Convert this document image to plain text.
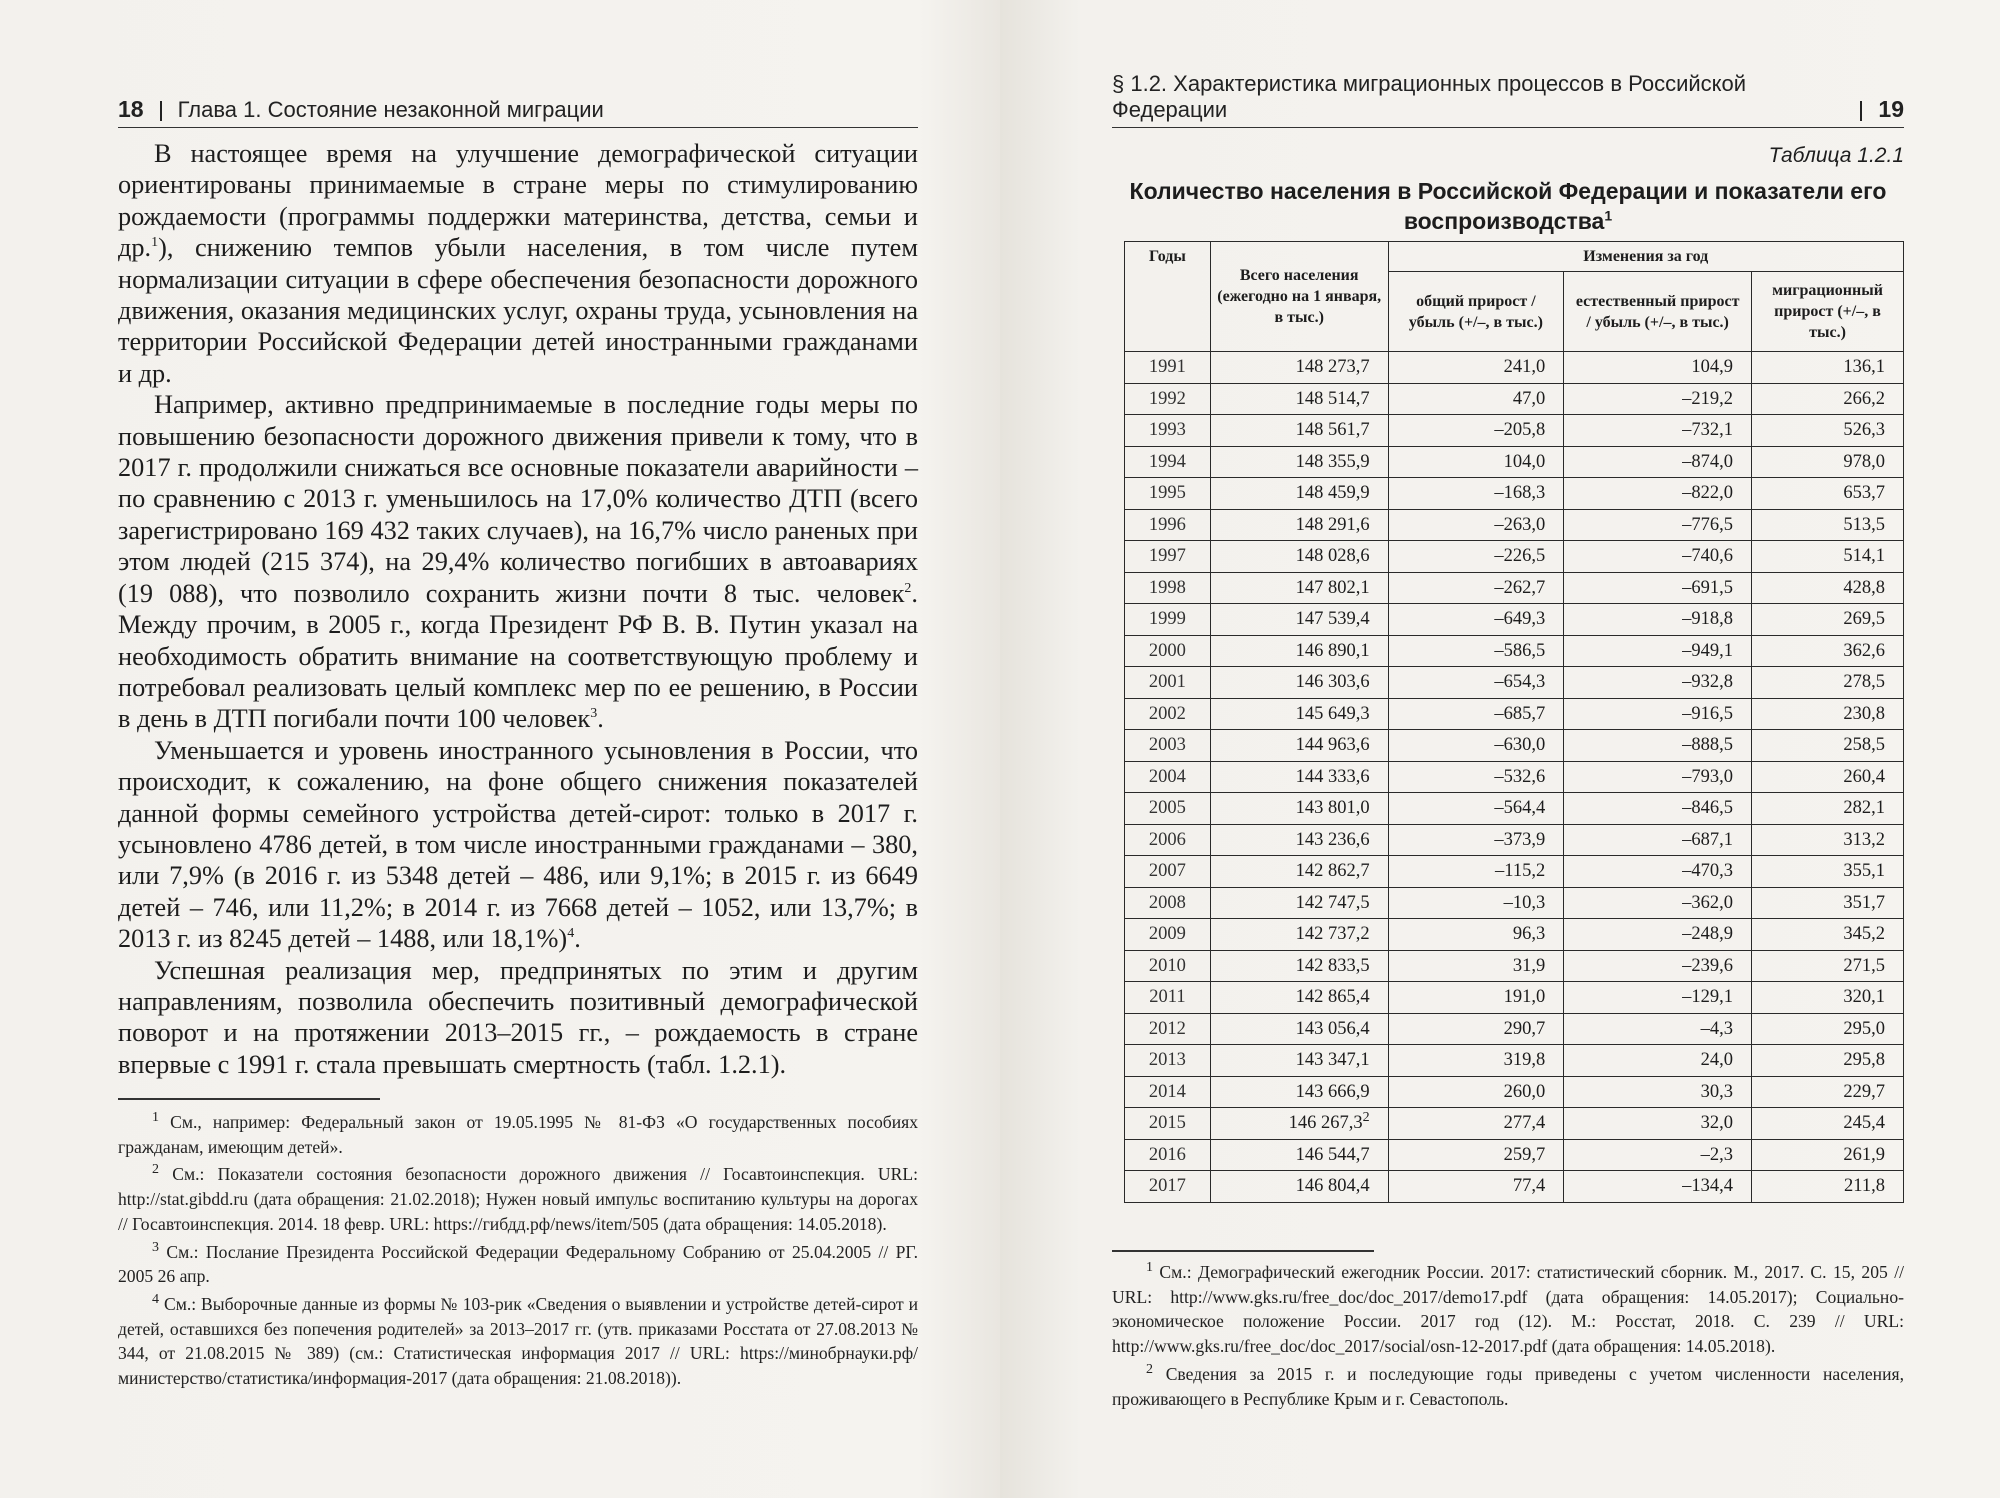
18 Глава 1. Состояние незаконной миграции

В настоящее время на улучшение демографической ситуации ориентированы принимаемые в стране меры по стимулированию рождаемости (программы поддержки материнства, детства, семьи и др.$^1$), снижению темпов убыли населения, в том числе путем нормализации ситуации в сфере обеспечения безопасности дорожного движения, оказания медицинских услуг, охраны труда, усыновления на территории Российской Федерации детей иностранными гражданами и др.

Например, активно предпринимаемые в последние годы меры по повышению безопасности дорожного движения привели к тому, что в 2017 г. продолжили снижаться все основные показатели аварийности – по сравнению с 2013 г. уменьшилось на 17,0% количество ДТП (всего зарегистрировано 169 432 таких случаев), на 16,7% число раненых при этом людей (215 374), на 29,4% количество погибших в автоавариях (19 088), что позволило сохранить жизни почти 8 тыс. человек$^2$. Между прочим, в 2005 г., когда Президент РФ В. В. Путин указал на необходимость обратить внимание на соответствующую проблему и потребовал реализовать целый комплекс мер по ее решению, в России в день в ДТП погибали почти 100 человек$^3$.

Уменьшается и уровень иностранного усыновления в России, что происходит, к сожалению, на фоне общего снижения показателей данной формы семейного устройства детей-сирот: только в 2017 г. усыновлено 4786 детей, в том числе иностранными гражданами – 380, или 7,9% (в 2016 г. из 5348 детей – 486, или 9,1%; в 2015 г. из 6649 детей – 746, или 11,2%; в 2014 г. из 7668 детей – 1052, или 13,7%; в 2013 г. из 8245 детей – 1488, или 18,1%)$^4$.

Успешная реализация мер, предпринятых по этим и другим направлениям, позволила обеспечить позитивный демографической поворот и на протяжении 2013–2015 гг., – рождаемость в стране впервые с 1991 г. стала превышать смертность (табл. 1.2.1).

$^1$ См., например: Федеральный закон от 19.05.1995 № 81-ФЗ «О государственных пособиях гражданам, имеющим детей».

$^2$ См.: Показатели состояния безопасности дорожного движения // Госавтоинспекция. URL: http://stat.gibdd.ru (дата обращения: 21.02.2018); Нужен новый импульс воспитанию культуры на дорогах // Госавтоинспекция. 2014. 18 февр. URL: https://гибдд.рф/news/item/505 (дата обращения: 14.05.2018).

$^3$ См.: Послание Президента Российской Федерации Федеральному Собранию от 25.04.2005 // РГ. 2005 26 апр.

$^4$ См.: Выборочные данные из формы № 103-рик «Сведения о выявлении и устройстве детей-сирот и детей, оставшихся без попечения родителей» за 2013–2017 гг. (утв. приказами Росстата от 27.08.2013 № 344, от 21.08.2015 № 389) (см.: Статистическая информация 2017 // URL: https://минобрнауки.рф/министерство/статистика/информация-2017 (дата обращения: 21.08.2018)).

§ 1.2. Характеристика миграционных процессов в Российской Федерации	19
Таблица 1.2.1
Количество населения в Российской Федерации и показатели его
воспроизводства$^1$
Годы	Всего населения (ежегодно на 1 января, в тыс.)	Изменения за год		
		общий прирост / убыль (+/–, в тыс.)	естественный прирост / убыль (+/–, в тыс.)	миграционный прирост (+/–, в тыс.)
1991	148 273,7	241,0	104,9	136,1
1992	148 514,7	47,0	–219,2	266,2
1993	148 561,7	–205,8	–732,1	526,3
1994	148 355,9	104,0	–874,0	978,0
1995	148 459,9	–168,3	–822,0	653,7
1996	148 291,6	–263,0	–776,5	513,5
1997	148 028,6	–226,5	–740,6	514,1
1998	147 802,1	–262,7	–691,5	428,8
1999	147 539,4	–649,3	–918,8	269,5
2000	146 890,1	–586,5	–949,1	362,6
2001	146 303,6	–654,3	–932,8	278,5
2002	145 649,3	–685,7	–916,5	230,8
2003	144 963,6	–630,0	–888,5	258,5
2004	144 333,6	–532,6	–793,0	260,4
2005	143 801,0	–564,4	–846,5	282,1
2006	143 236,6	–373,9	–687,1	313,2
2007	142 862,7	–115,2	–470,3	355,1
2008	142 747,5	–10,3	–362,0	351,7
2009	142 737,2	96,3	–248,9	345,2
2010	142 833,5	31,9	–239,6	271,5
2011	142 865,4	191,0	–129,1	320,1
2012	143 056,4	290,7	–4,3	295,0
2013	143 347,1	319,8	24,0	295,8
2014	143 666,9	260,0	30,3	229,7
2015	146 267,3$^2$	277,4	32,0	245,4
2016	146 544,7	259,7	–2,3	261,9
2017	146 804,4	77,4	–134,4	211,8

$^1$ См.: Демографический ежегодник России. 2017: статистический сборник. М., 2017. С. 15, 205 // URL: http://www.gks.ru/free_doc/doc_2017/demo17.pdf (дата обращения: 14.05.2017); Социально-экономическое положение России. 2017 год (12). М.: Росстат, 2018. С. 239 // URL: http://www.gks.ru/free_doc/doc_2017/social/osn-12-2017.pdf (дата обращения: 14.05.2018).

$^2$ Сведения за 2015 г. и последующие годы приведены с учетом численности населения, проживающего в Республике Крым и г. Севастополь.
